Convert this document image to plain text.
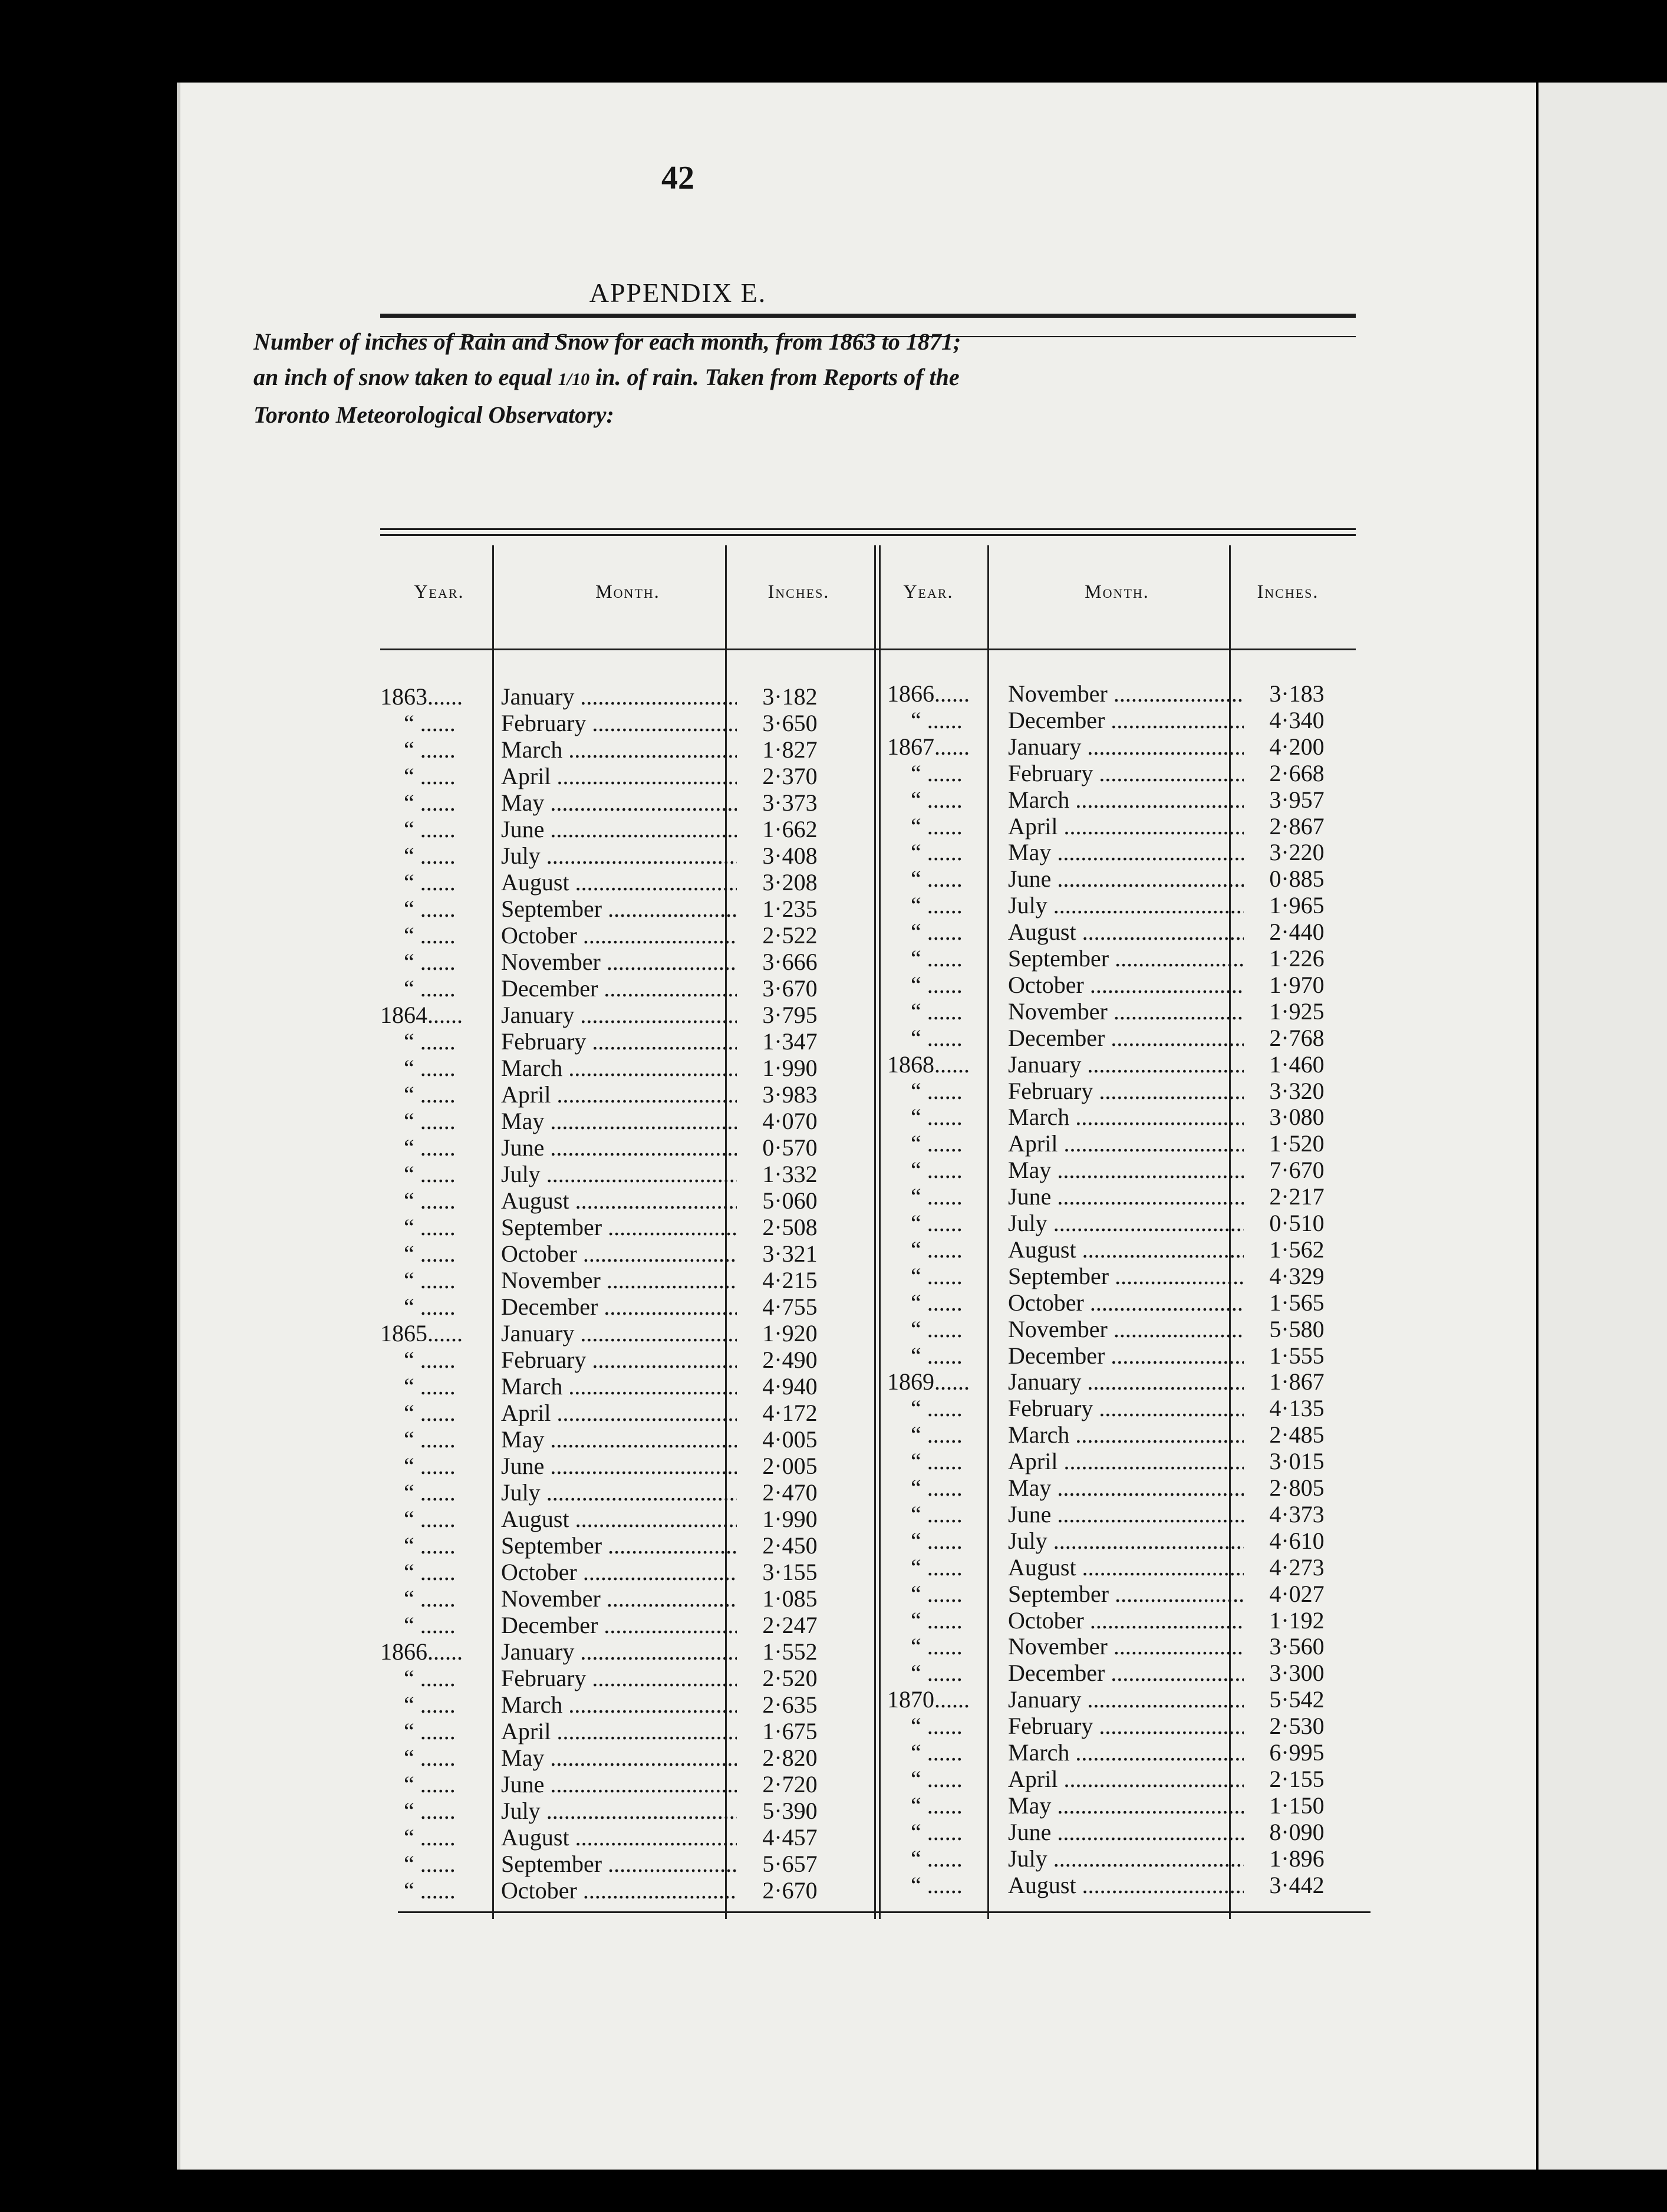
42
APPENDIX E.
Number of inches of Rain and Snow for each month, from 1863 to 1871;
an inch of snow taken to equal 1/10 in. of rain. Taken from Reports of the
Toronto Meteorological Observatory:
Year.	Month.	Inches.	Year.	Month.	Inches.
1863......	January .....	3·182
“ ......	February .....	3·650
“ ......	March .....	1·827
“ ......	April .....	2·370
“ ......	May .....	3·373
“ ......	June .....	1·662
“ ......	July .....	3·408
“ ......	August .....	3·208
“ ......	September .....	1·235
“ ......	October .....	2·522
“ ......	November .....	3·666
“ ......	December .....	3·670
1864......	January .....	3·795
“ ......	February .....	1·347
“ ......	March .....	1·990
“ ......	April .....	3·983
“ ......	May .....	4·070
“ ......	June .....	0·570
“ ......	July .....	1·332
“ ......	August .....	5·060
“ ......	September .....	2·508
“ ......	October .....	3·321
“ ......	November .....	4·215
“ ......	December .....	4·755
1865......	January .....	1·920
“ ......	February .....	2·490
“ ......	March .....	4·940
“ ......	April .....	4·172
“ ......	May .....	4·005
“ ......	June .....	2·005
“ ......	July .....	2·470
“ ......	August .....	1·990
“ ......	September .....	2·450
“ ......	October .....	3·155
“ ......	November .....	1·085
“ ......	December .....	2·247
1866......	January .....	1·552
“ ......	February .....	2·520
“ ......	March .....	2·635
“ ......	April .....	1·675
“ ......	May .....	2·820
“ ......	June .....	2·720
“ ......	July .....	5·390
“ ......	August .....	4·457
“ ......	September .....	5·657
“ ......	October .....	2·670
1866......	November .....	3·183
“ ......	December .....	4·340
1867......	January .....	4·200
“ ......	February .....	2·668
“ ......	March .....	3·957
“ ......	April .....	2·867
“ ......	May .....	3·220
“ ......	June .....	0·885
“ ......	July .....	1·965
“ ......	August .....	2·440
“ ......	September .....	1·226
“ ......	October .....	1·970
“ ......	November .....	1·925
“ ......	December .....	2·768
1868......	January .....	1·460
“ ......	February .....	3·320
“ ......	March .....	3·080
“ ......	April .....	1·520
“ ......	May .....	7·670
“ ......	June .....	2·217
“ ......	July .....	0·510
“ ......	August .....	1·562
“ ......	September .....	4·329
“ ......	October .....	1·565
“ ......	November .....	5·580
“ ......	December .....	1·555
1869......	January .....	1·867
“ ......	February .....	4·135
“ ......	March .....	2·485
“ ......	April .....	3·015
“ ......	May .....	2·805
“ ......	June .....	4·373
“ ......	July .....	4·610
“ ......	August .....	4·273
“ ......	September .....	4·027
“ ......	October .....	1·192
“ ......	November .....	3·560
“ ......	December .....	3·300
1870......	January .....	5·542
“ ......	February .....	2·530
“ ......	March .....	6·995
“ ......	April .....	2·155
“ ......	May .....	1·150
“ ......	June .....	8·090
“ ......	July .....	1·896
“ ......	August .....	3·442
